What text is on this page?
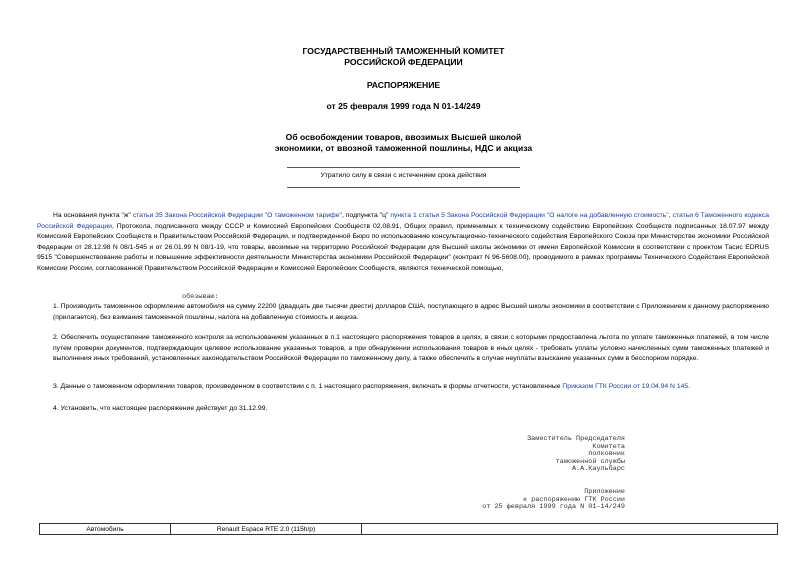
ГОСУДАРСТВЕННЫЙ ТАМОЖЕННЫЙ КОМИТЕТ
РОССИЙСКОЙ ФЕДЕРАЦИИ
РАСПОРЯЖЕНИЕ
от 25 февраля 1999 года N 01-14/249
Об освобождении товаров, ввозимых Высшей школой
экономики, от ввозной таможенной пошлины, НДС и акциза
Утратило силу в связи с истечением срока действия
На основания пункта "ж" статьи 35 Закона Российской Федерации "О таможенном тарифе", подпункта "ц" пункта 1 статьи 5 Закона Российской Федерации "О налоге на добавленную стоимость", статьи 6 Таможенного кодекса Российской Федерации, Протокола, подписанного между СССР и Комиссией Европейских Сообществ 02.08.91, Общих правил, применимых к техническому содействию Европейских Сообществ подписанных 18.07.97 между Комиссией Европейских Сообществ и Правительством Российской Федерации, и подтвержденной Бюро по использованию консультационно-технического содействия Европейского Союза при Министерстве экономики Российской Федерации от 28.12.98 N 08/1-545 и от 26.01.99 N 08/1-19, что товары, ввозимые на территорию Российской Федерации для Высшей школы экономики от имени Европейской Комиссии в соответствии с проектом Тасис EDRUS 9515 "Совершенствование работы и повышение эффективности деятельности Министерства экономики Российской Федерации" (контракт N 96-5608.00), проводимого в рамках программы Технического Содействия Европейской Комиссии России, согласованной Правительством Российской Федерации и Комиссией Европейских Сообществ, являются технической помощью,
обязываю:
1. Производить таможенное оформление автомобиля на сумму 22200 (двадцать две тысячи двести) долларов США, поступающего в адрес Высшей школы экономики в соответствии с Приложением к данному распоряжению (прилагается), без взимания таможенной пошлины, налога на добавленную стоимость и акциза.
2. Обеспечить осуществление таможенного контроля за использованием указанных в п.1 настоящего распоряжения товаров в целях, в связи с которыми предоставлена льгота по уплате таможенных платежей, в том числе путем проверки документов, подтверждающих целевое использование указанных товаров, а при обнаружении использования товаров в иных целях - требовать уплаты условно начисленных сумм таможенных платежей и выполнения иных требований, установленных законодательством Российской Федерации по таможенному делу, а также обеспечить в случае неуплаты взыскание указанных сумм в бесспорном порядке.
3. Данные о таможенном оформлении товаров, произведенном в соответствии с п. 1 настоящего распоряжения, включать в формы отчетности, установленные Приказом ГТК России от 19.04.94 N 145.
4. Установить, что настоящее распоряжение действует до 31.12.99.
Заместитель Председателя
Комитета
полковник
таможенной службы
А.А.Каульбарс
Приложение
к распоряжению ГТК России
от 25 февраля 1999 года N 01-14/249
Автомобиль	Renault Espace RTE 2.0 (115h/p)	
